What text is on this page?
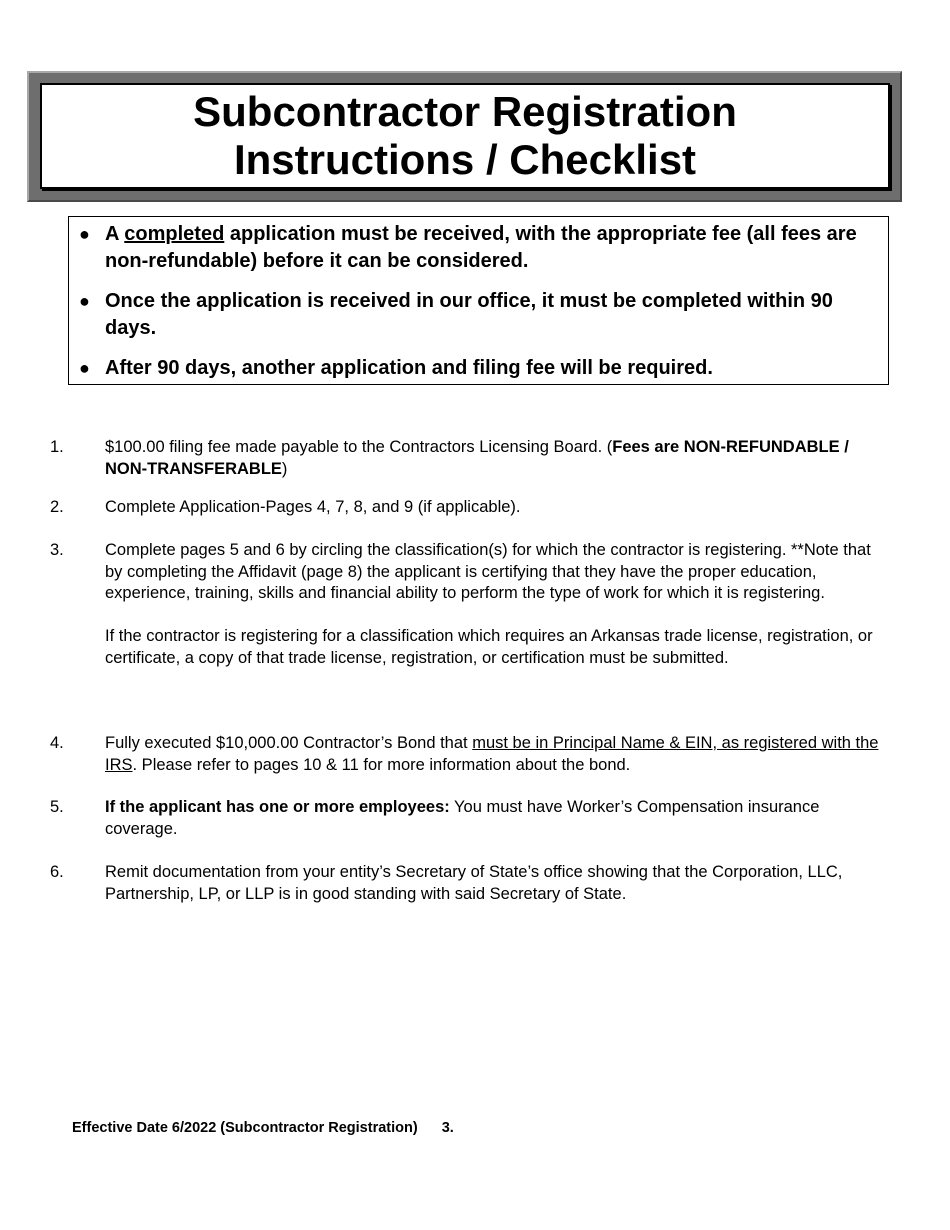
Subcontractor Registration
Instructions / Checklist
● A completed application must be received, with the appropriate fee (all fees are non-refundable) before it can be considered.
● Once the application is received in our office, it must be completed within 90 days.
● After 90 days, another application and filing fee will be required.
1. $100.00 filing fee made payable to the Contractors Licensing Board. (Fees are NON-REFUNDABLE / NON-TRANSFERABLE)
2. Complete Application-Pages 4, 7, 8, and 9 (if applicable).
3. Complete pages 5 and 6 by circling the classification(s) for which the contractor is registering. **Note that by completing the Affidavit (page 8) the applicant is certifying that they have the proper education, experience, training, skills and financial ability to perform the type of work for which it is registering.

If the contractor is registering for a classification which requires an Arkansas trade license, registration, or certificate, a copy of that trade license, registration, or certification must be submitted.

4. Fully executed $10,000.00 Contractor’s Bond that must be in Principal Name & EIN, as registered with the IRS. Please refer to pages 10 & 11 for more information about the bond.
5. If the applicant has one or more employees: You must have Worker’s Compensation insurance coverage.
6. Remit documentation from your entity’s Secretary of State’s office showing that the Corporation, LLC, Partnership, LP, or LLP is in good standing with said Secretary of State.
Effective Date 6/2022 (Subcontractor Registration) 3.
